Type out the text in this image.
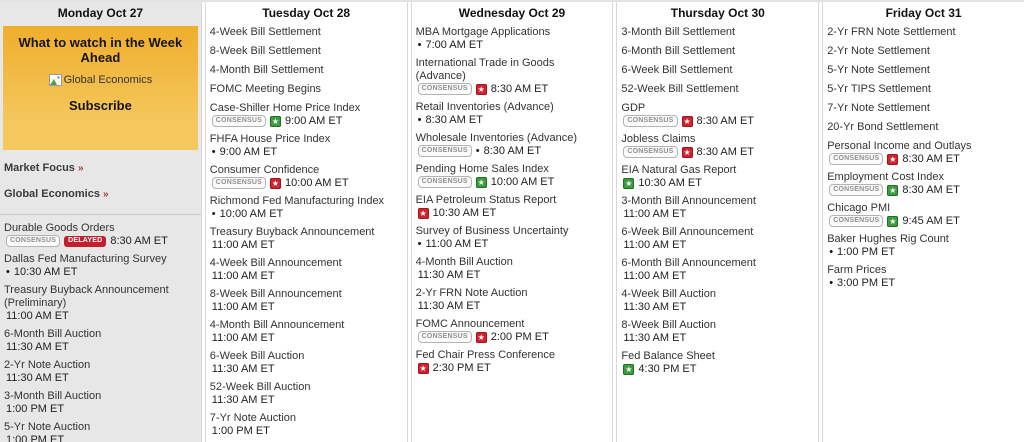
Monday Oct 27
What to watch in the Week Ahead
Global Economics
Subscribe
Market Focus »
Global Economics »
Durable Goods Orders
CONSENSUS	DELAYED 8:30 AM ET
Dallas Fed Manufacturing Survey
• 10:30 AM ET
Treasury Buyback Announcement (Preliminary)
11:00 AM ET
6-Month Bill Auction
11:30 AM ET
2-Yr Note Auction
11:30 AM ET
3-Month Bill Auction
1:00 PM ET
5-Yr Note Auction
1:00 PM ET
Tuesday Oct 28
4-Week Bill Settlement
8-Week Bill Settlement
4-Month Bill Settlement
FOMC Meeting Begins
Case-Shiller Home Price Index
CONSENSUS	★ 9:00 AM ET
FHFA House Price Index
• 9:00 AM ET
Consumer Confidence
CONSENSUS	★ 10:00 AM ET
Richmond Fed Manufacturing Index
• 10:00 AM ET
Treasury Buyback Announcement
11:00 AM ET
4-Week Bill Announcement
11:00 AM ET
8-Week Bill Announcement
11:00 AM ET
4-Month Bill Announcement
11:00 AM ET
6-Week Bill Auction
11:30 AM ET
52-Week Bill Auction
11:30 AM ET
7-Yr Note Auction
1:00 PM ET
Wednesday Oct 29
MBA Mortgage Applications
• 7:00 AM ET
International Trade in Goods (Advance)
CONSENSUS	★ 8:30 AM ET
Retail Inventories (Advance)
• 8:30 AM ET
Wholesale Inventories (Advance)
CONSENSUS • 8:30 AM ET
Pending Home Sales Index
CONSENSUS	★ 10:00 AM ET
EIA Petroleum Status Report
★ 10:30 AM ET
Survey of Business Uncertainty
• 11:00 AM ET
4-Month Bill Auction
11:30 AM ET
2-Yr FRN Note Auction
11:30 AM ET
FOMC Announcement
CONSENSUS	★ 2:00 PM ET
Fed Chair Press Conference
★ 2:30 PM ET
Thursday Oct 30
3-Month Bill Settlement
6-Month Bill Settlement
6-Week Bill Settlement
52-Week Bill Settlement
GDP
CONSENSUS	★ 8:30 AM ET
Jobless Claims
CONSENSUS	★ 8:30 AM ET
EIA Natural Gas Report
★ 10:30 AM ET
3-Month Bill Announcement
11:00 AM ET
6-Week Bill Announcement
11:00 AM ET
6-Month Bill Announcement
11:00 AM ET
4-Week Bill Auction
11:30 AM ET
8-Week Bill Auction
11:30 AM ET
Fed Balance Sheet
★ 4:30 PM ET
Friday Oct 31
2-Yr FRN Note Settlement
2-Yr Note Settlement
5-Yr Note Settlement
5-Yr TIPS Settlement
7-Yr Note Settlement
20-Yr Bond Settlement
Personal Income and Outlays
CONSENSUS	★ 8:30 AM ET
Employment Cost Index
CONSENSUS	★ 8:30 AM ET
Chicago PMI
CONSENSUS	★ 9:45 AM ET
Baker Hughes Rig Count
• 1:00 PM ET
Farm Prices
• 3:00 PM ET
